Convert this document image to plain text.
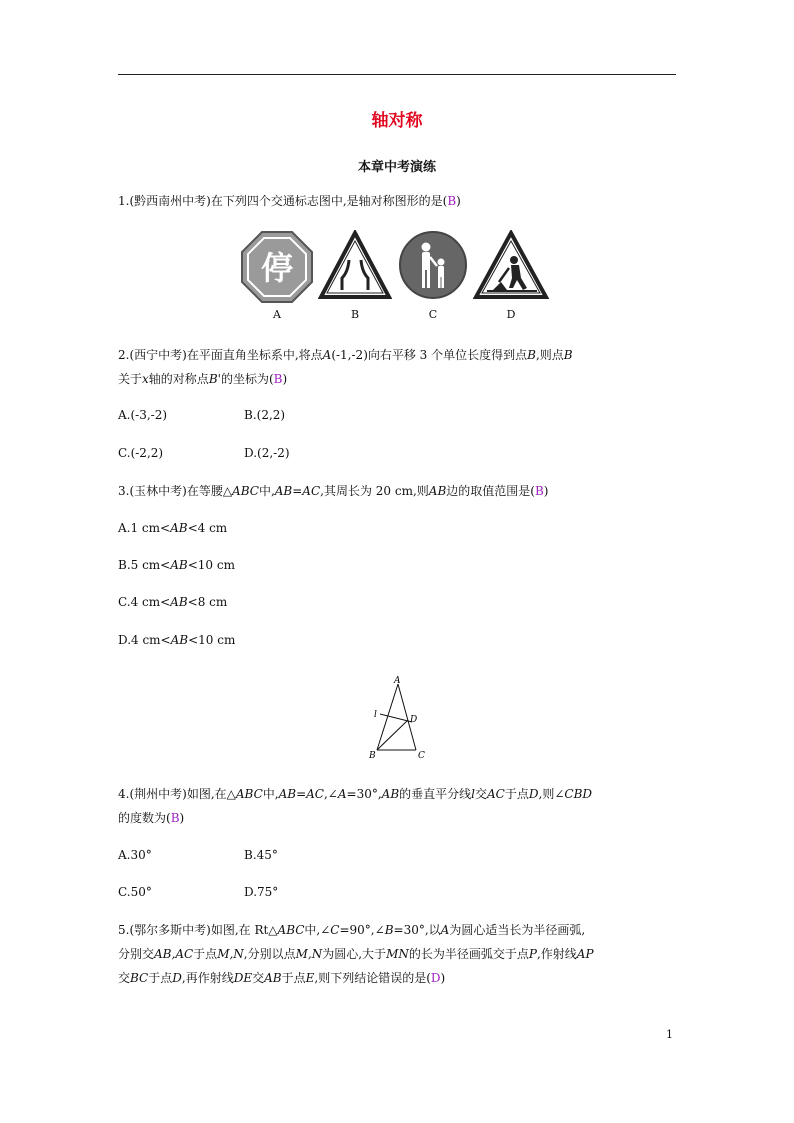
轴对称
本章中考演练
1.(黔西南州中考)在下列四个交通标志图中,是轴对称图形的是(B)
停
A	B	C	D
2.(西宁中考)在平面直角坐标系中,将点A(-1,-2)向右平移 3 个单位长度得到点B,则点B
关于x轴的对称点B'的坐标为(B)
A.(-3,-2)	B.(2,2)
C.(-2,2)	D.(2,-2)
3.(玉林中考)在等腰△ABC中,AB=AC,其周长为 20 cm,则AB边的取值范围是(B)
A.1 cm<AB<4 cm
B.5 cm<AB<10 cm
C.4 cm<AB<8 cm
D.4 cm<AB<10 cm
A
B	C
D
l
4.(荆州中考)如图,在△ABC中,AB=AC,∠A=30°,AB的垂直平分线l交AC于点D,则∠CBD
的度数为(B)
A.30°	B.45°
C.50°	D.75°
5.(鄂尔多斯中考)如图,在 Rt△ABC中,∠C=90°,∠B=30°,以A为圆心适当长为半径画弧,
分别交AB,AC于点M,N,分别以点M,N为圆心,大于MN的长为半径画弧交于点P,作射线AP
交BC于点D,再作射线DE交AB于点E,则下列结论错误的是(D)
1
